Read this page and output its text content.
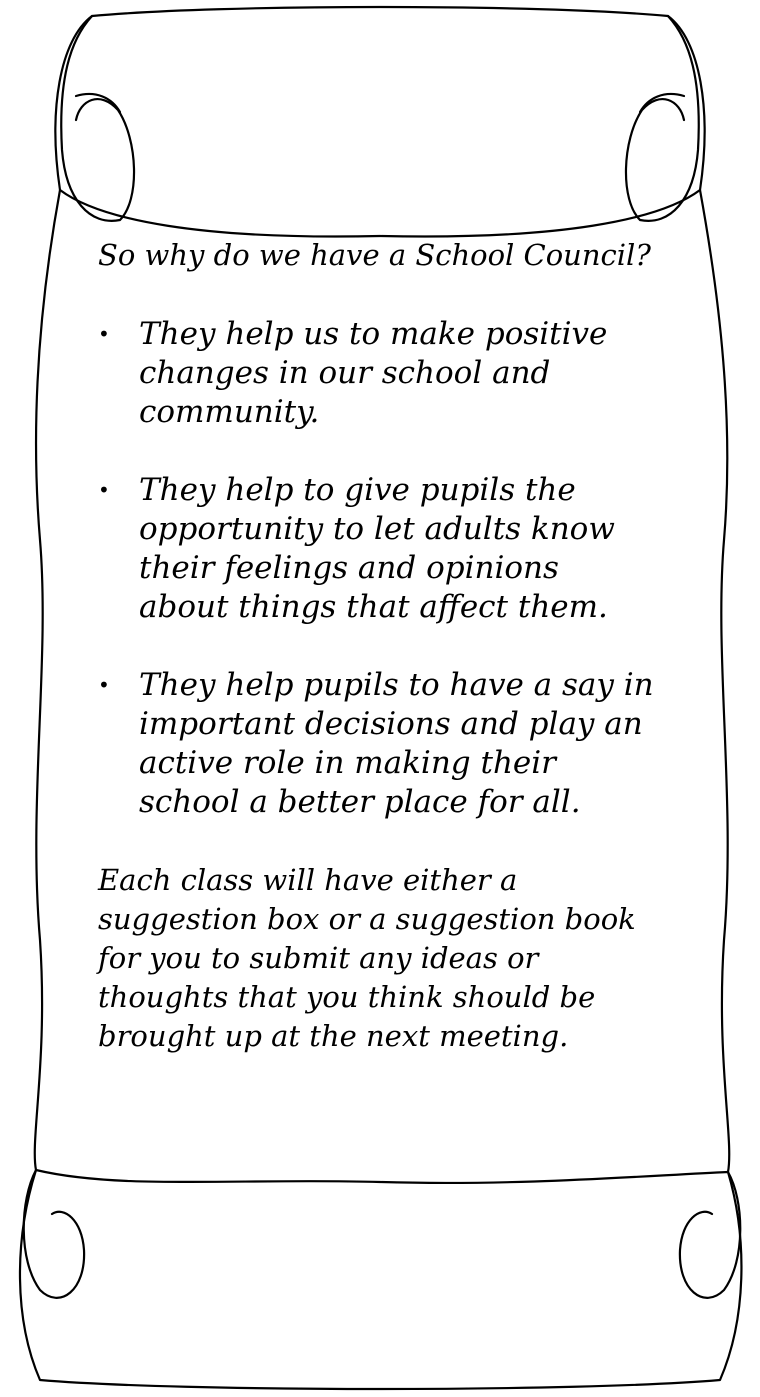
So why do we have a School Council?

• They help us to make positive changes in our school and community.
• They help to give pupils the opportunity to let adults know their feelings and opinions about things that affect them.
• They help pupils to have a say in important decisions and play an active role in making their school a better place for all.

Each class will have either a suggestion box or a suggestion book for you to submit any ideas or thoughts that you think should be brought up at the next meeting.
